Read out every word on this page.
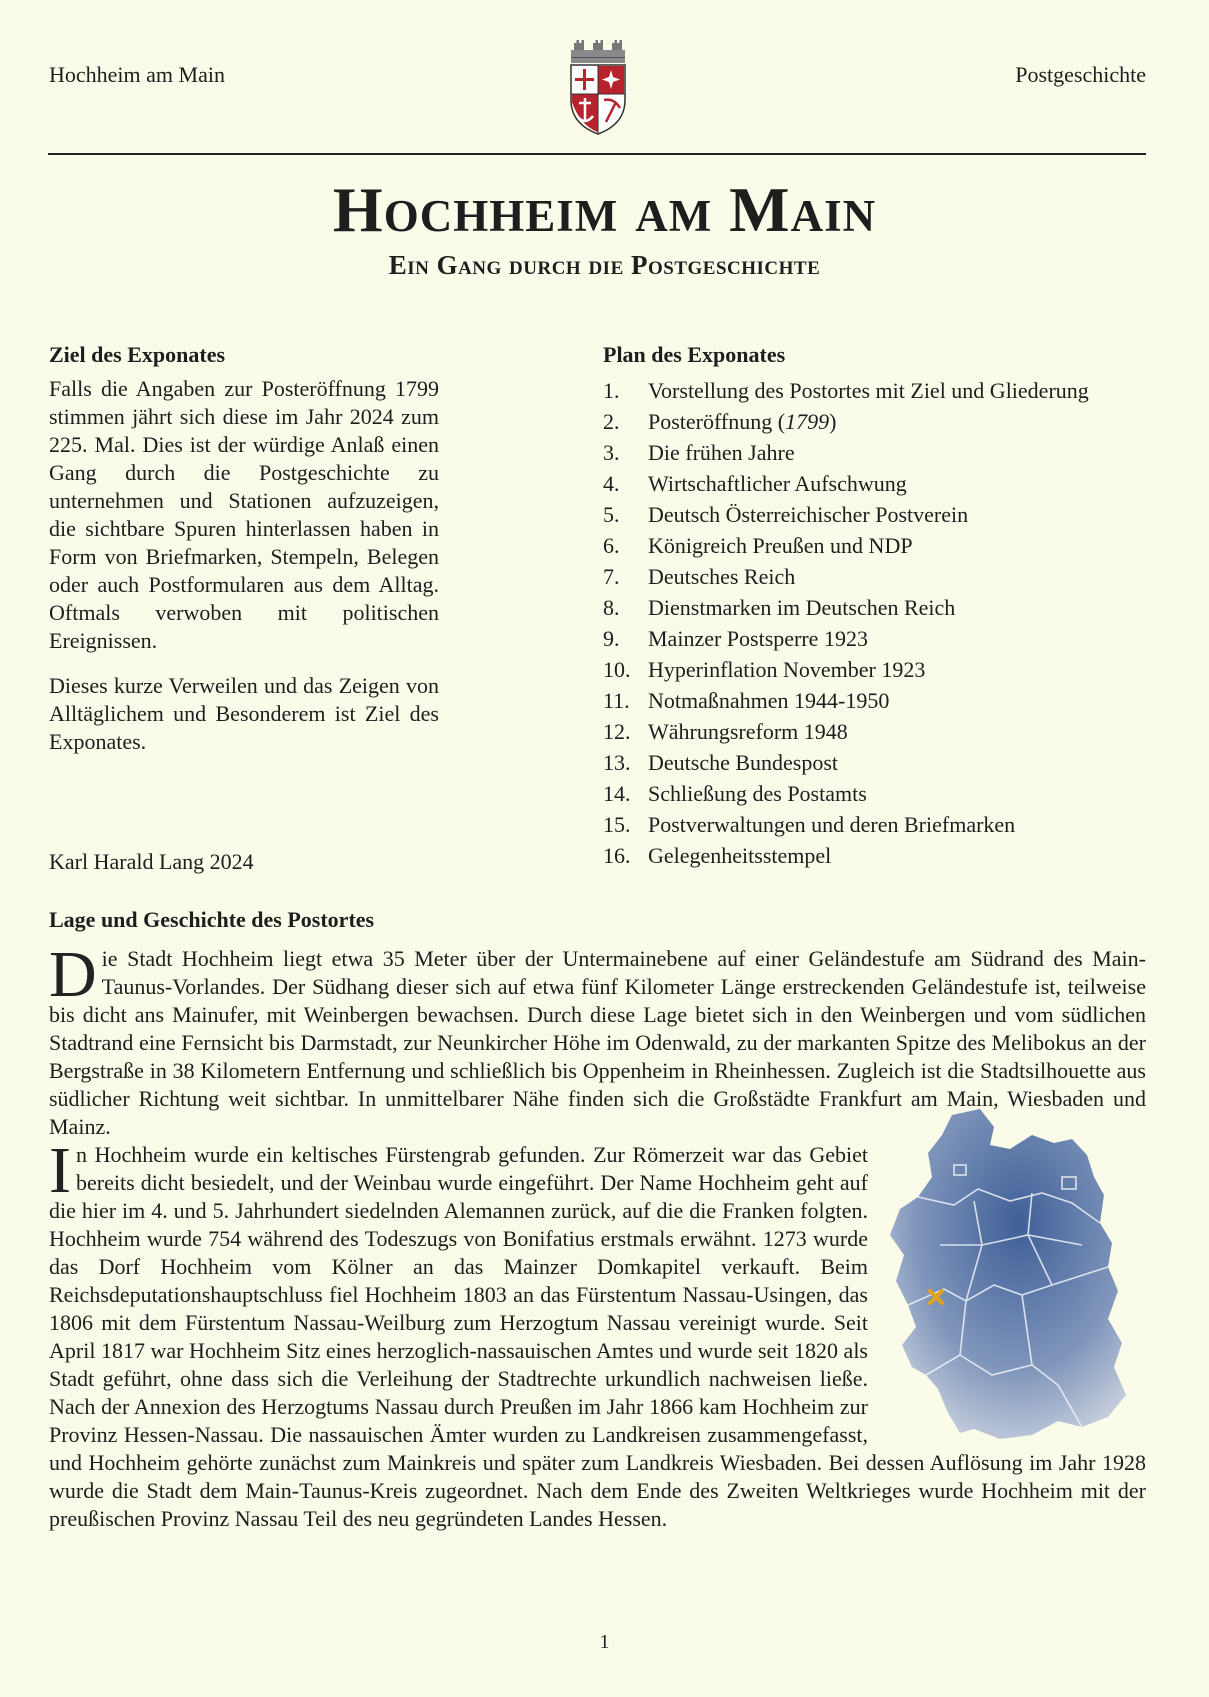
Hochheim am Main	Postgeschichte
Hochheim am Main
Ein Gang durch die Postgeschichte
Ziel des Exponates

Falls die Angaben zur Posteröffnung 1799 stimmen jährt sich diese im Jahr 2024 zum 225. Mal. Dies ist der würdige Anlaß einen Gang durch die Postgeschichte zu unternehmen und Stationen aufzuzeigen, die sichtbare Spuren hinterlassen haben in Form von Briefmarken, Stempeln, Belegen oder auch Postformularen aus dem Alltag. Oftmals verwoben mit politischen Ereignissen.

Dieses kurze Verweilen und das Zeigen von Alltäglichem und Besonderem ist Ziel des Exponates.

Karl Harald Lang 2024
Plan des Exponates
1. Vorstellung des Postortes mit Ziel und Gliederung
2. Posteröffnung (1799)
3. Die frühen Jahre
4. Wirtschaftlicher Aufschwung
5. Deutsch Österreichischer Postverein
6. Königreich Preußen und NDP
7. Deutsches Reich
8. Dienstmarken im Deutschen Reich
9. Mainzer Postsperre 1923
10. Hyperinflation November 1923
11. Notmaßnahmen 1944-1950
12. Währungsreform 1948
13. Deutsche Bundespost
14. Schließung des Postamts
15. Postverwaltungen und deren Briefmarken
16. Gelegenheitsstempel
Lage und Geschichte des Postortes

Die Stadt Hochheim liegt etwa 35 Meter über der Untermainebene auf einer Geländestufe am Südrand des Main-Taunus-Vorlandes. Der Südhang dieser sich auf etwa fünf Kilometer Länge erstreckenden Geländestufe ist, teilweise bis dicht ans Mainufer, mit Weinbergen bewachsen. Durch diese Lage bietet sich in den Weinbergen und vom südlichen Stadtrand eine Fernsicht bis Darmstadt, zur Neunkircher Höhe im Odenwald, zu der markanten Spitze des Melibokus an der Bergstraße in 38 Kilometern Entfernung und schließlich bis Oppenheim in Rheinhessen. Zugleich ist die Stadtsilhouette aus südlicher Richtung weit sichtbar. In unmittelbarer Nähe finden sich die Großstädte Frankfurt am Main, Wiesbaden und Mainz.

In Hochheim wurde ein keltisches Fürstengrab gefunden. Zur Römerzeit war das Gebiet bereits dicht besiedelt, und der Weinbau wurde eingeführt. Der Name Hochheim geht auf die hier im 4. und 5. Jahrhundert siedelnden Alemannen zurück, auf die die Franken folgten. Hochheim wurde 754 während des Todeszugs von Bonifatius erstmals erwähnt. 1273 wurde das Dorf Hochheim vom Kölner an das Mainzer Domkapitel verkauft. Beim Reichsdeputationshauptschluss fiel Hochheim 1803 an das Fürstentum Nassau-Usingen, das 1806 mit dem Fürstentum Nassau-Weilburg zum Herzogtum Nassau vereinigt wurde. Seit April 1817 war Hochheim Sitz eines herzoglich-nassauischen Amtes und wurde seit 1820 als Stadt geführt, ohne dass sich die Verleihung der Stadtrechte urkundlich nachweisen ließe. Nach der Annexion des Herzogtums Nassau durch Preußen im Jahr 1866 kam Hochheim zur Provinz Hessen-Nassau. Die nassauischen Ämter wurden zu Landkreisen zusammengefasst, und Hochheim gehörte zunächst zum Mainkreis und später zum Landkreis Wiesbaden. Bei dessen Auflösung im Jahr 1928 wurde die Stadt dem Main-Taunus-Kreis zugeordnet. Nach dem Ende des Zweiten Weltkrieges wurde Hochheim mit der preußischen Provinz Nassau Teil des neu gegründeten Landes Hessen.

1
